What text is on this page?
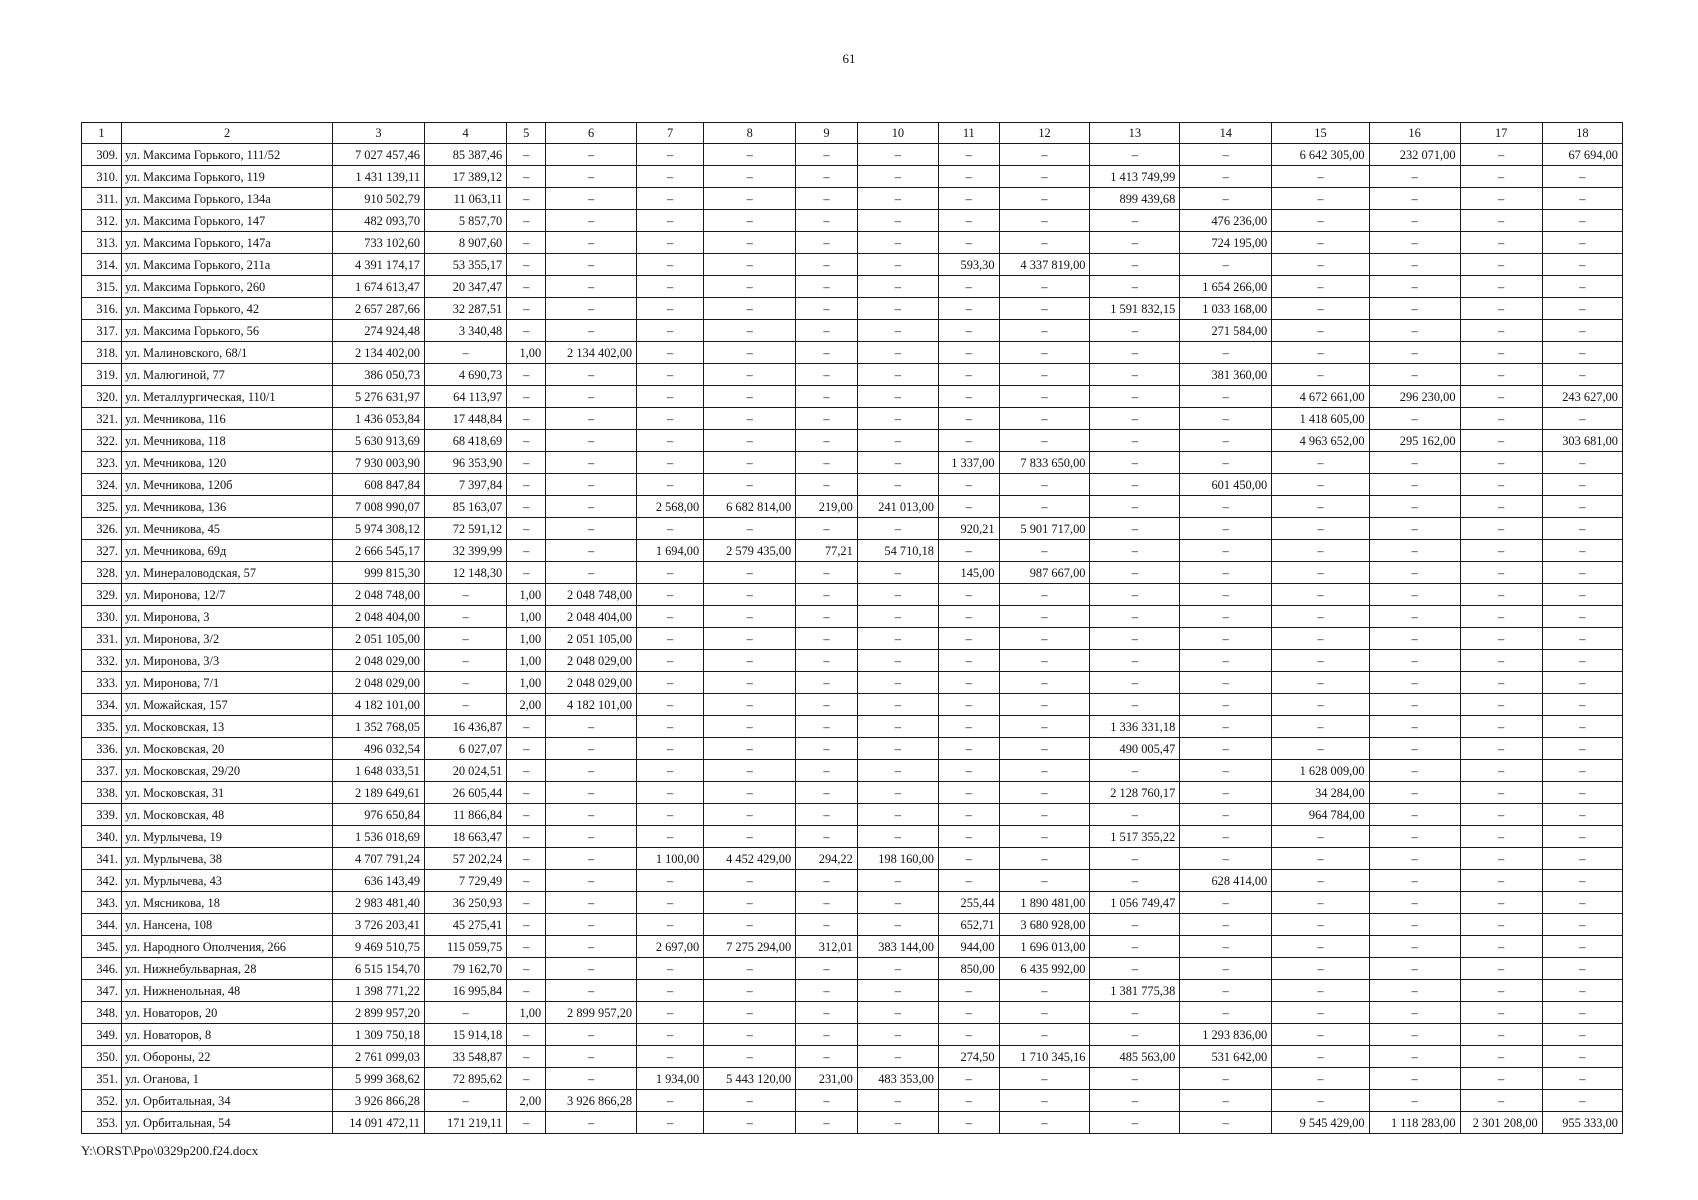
61
1	2	3	4	5	6	7	8	9	10	11	12	13	14	15	16	17	18
309.	ул. Максима Горького, 111/52	7 027 457,46	85 387,46	–	–	–	–	–	–	–	–	–	–	6 642 305,00	232 071,00	–	67 694,00
310.	ул. Максима Горького, 119	1 431 139,11	17 389,12	–	–	–	–	–	–	–	–	1 413 749,99	–	–	–	–	–
311.	ул. Максима Горького, 134а	910 502,79	11 063,11	–	–	–	–	–	–	–	–	899 439,68	–	–	–	–	–
312.	ул. Максима Горького, 147	482 093,70	5 857,70	–	–	–	–	–	–	–	–	–	476 236,00	–	–	–	–
313.	ул. Максима Горького, 147а	733 102,60	8 907,60	–	–	–	–	–	–	–	–	–	724 195,00	–	–	–	–
314.	ул. Максима Горького, 211а	4 391 174,17	53 355,17	–	–	–	–	–	–	593,30	4 337 819,00	–	–	–	–	–	–
315.	ул. Максима Горького, 260	1 674 613,47	20 347,47	–	–	–	–	–	–	–	–	–	1 654 266,00	–	–	–	–
316.	ул. Максима Горького, 42	2 657 287,66	32 287,51	–	–	–	–	–	–	–	–	1 591 832,15	1 033 168,00	–	–	–	–
317.	ул. Максима Горького, 56	274 924,48	3 340,48	–	–	–	–	–	–	–	–	–	271 584,00	–	–	–	–
318.	ул. Малиновского, 68/1	2 134 402,00	–	1,00	2 134 402,00	–	–	–	–	–	–	–	–	–	–	–	–
319.	ул. Малюгиной, 77	386 050,73	4 690,73	–	–	–	–	–	–	–	–	–	381 360,00	–	–	–	–
320.	ул. Металлургическая, 110/1	5 276 631,97	64 113,97	–	–	–	–	–	–	–	–	–	–	4 672 661,00	296 230,00	–	243 627,00
321.	ул. Мечникова, 116	1 436 053,84	17 448,84	–	–	–	–	–	–	–	–	–	–	1 418 605,00	–	–	–
322.	ул. Мечникова, 118	5 630 913,69	68 418,69	–	–	–	–	–	–	–	–	–	–	4 963 652,00	295 162,00	–	303 681,00
323.	ул. Мечникова, 120	7 930 003,90	96 353,90	–	–	–	–	–	–	1 337,00	7 833 650,00	–	–	–	–	–	–
324.	ул. Мечникова, 120б	608 847,84	7 397,84	–	–	–	–	–	–	–	–	–	601 450,00	–	–	–	–
325.	ул. Мечникова, 136	7 008 990,07	85 163,07	–	–	2 568,00	6 682 814,00	219,00	241 013,00	–	–	–	–	–	–	–	–
326.	ул. Мечникова, 45	5 974 308,12	72 591,12	–	–	–	–	–	–	920,21	5 901 717,00	–	–	–	–	–	–
327.	ул. Мечникова, 69д	2 666 545,17	32 399,99	–	–	1 694,00	2 579 435,00	77,21	54 710,18	–	–	–	–	–	–	–	–
328.	ул. Минераловодская, 57	999 815,30	12 148,30	–	–	–	–	–	–	145,00	987 667,00	–	–	–	–	–	–
329.	ул. Миронова, 12/7	2 048 748,00	–	1,00	2 048 748,00	–	–	–	–	–	–	–	–	–	–	–	–
330.	ул. Миронова, 3	2 048 404,00	–	1,00	2 048 404,00	–	–	–	–	–	–	–	–	–	–	–	–
331.	ул. Миронова, 3/2	2 051 105,00	–	1,00	2 051 105,00	–	–	–	–	–	–	–	–	–	–	–	–
332.	ул. Миронова, 3/3	2 048 029,00	–	1,00	2 048 029,00	–	–	–	–	–	–	–	–	–	–	–	–
333.	ул. Миронова, 7/1	2 048 029,00	–	1,00	2 048 029,00	–	–	–	–	–	–	–	–	–	–	–	–
334.	ул. Можайская, 157	4 182 101,00	–	2,00	4 182 101,00	–	–	–	–	–	–	–	–	–	–	–	–
335.	ул. Московская, 13	1 352 768,05	16 436,87	–	–	–	–	–	–	–	–	1 336 331,18	–	–	–	–	–
336.	ул. Московская, 20	496 032,54	6 027,07	–	–	–	–	–	–	–	–	490 005,47	–	–	–	–	–
337.	ул. Московская, 29/20	1 648 033,51	20 024,51	–	–	–	–	–	–	–	–	–	–	1 628 009,00	–	–	–
338.	ул. Московская, 31	2 189 649,61	26 605,44	–	–	–	–	–	–	–	–	2 128 760,17	–	34 284,00	–	–	–
339.	ул. Московская, 48	976 650,84	11 866,84	–	–	–	–	–	–	–	–	–	–	964 784,00	–	–	–
340.	ул. Мурлычева, 19	1 536 018,69	18 663,47	–	–	–	–	–	–	–	–	1 517 355,22	–	–	–	–	–
341.	ул. Мурлычева, 38	4 707 791,24	57 202,24	–	–	1 100,00	4 452 429,00	294,22	198 160,00	–	–	–	–	–	–	–	–
342.	ул. Мурлычева, 43	636 143,49	7 729,49	–	–	–	–	–	–	–	–	–	628 414,00	–	–	–	–
343.	ул. Мясникова, 18	2 983 481,40	36 250,93	–	–	–	–	–	–	255,44	1 890 481,00	1 056 749,47	–	–	–	–	–
344.	ул. Нансена, 108	3 726 203,41	45 275,41	–	–	–	–	–	–	652,71	3 680 928,00	–	–	–	–	–	–
345.	ул. Народного Ополчения, 266	9 469 510,75	115 059,75	–	–	2 697,00	7 275 294,00	312,01	383 144,00	944,00	1 696 013,00	–	–	–	–	–	–
346.	ул. Нижнебульварная, 28	6 515 154,70	79 162,70	–	–	–	–	–	–	850,00	6 435 992,00	–	–	–	–	–	–
347.	ул. Нижненольная, 48	1 398 771,22	16 995,84	–	–	–	–	–	–	–	–	1 381 775,38	–	–	–	–	–
348.	ул. Новаторов, 20	2 899 957,20	–	1,00	2 899 957,20	–	–	–	–	–	–	–	–	–	–	–	–
349.	ул. Новаторов, 8	1 309 750,18	15 914,18	–	–	–	–	–	–	–	–	–	1 293 836,00	–	–	–	–
350.	ул. Обороны, 22	2 761 099,03	33 548,87	–	–	–	–	–	–	274,50	1 710 345,16	485 563,00	531 642,00	–	–	–	–
351.	ул. Оганова, 1	5 999 368,62	72 895,62	–	–	1 934,00	5 443 120,00	231,00	483 353,00	–	–	–	–	–	–	–	–
352.	ул. Орбитальная, 34	3 926 866,28	–	2,00	3 926 866,28	–	–	–	–	–	–	–	–	–	–	–	–
353.	ул. Орбитальная, 54	14 091 472,11	171 219,11	–	–	–	–	–	–	–	–	–	–	9 545 429,00	1 118 283,00	2 301 208,00	955 333,00
Y:\ORST\Ppo\0329p200.f24.docx
